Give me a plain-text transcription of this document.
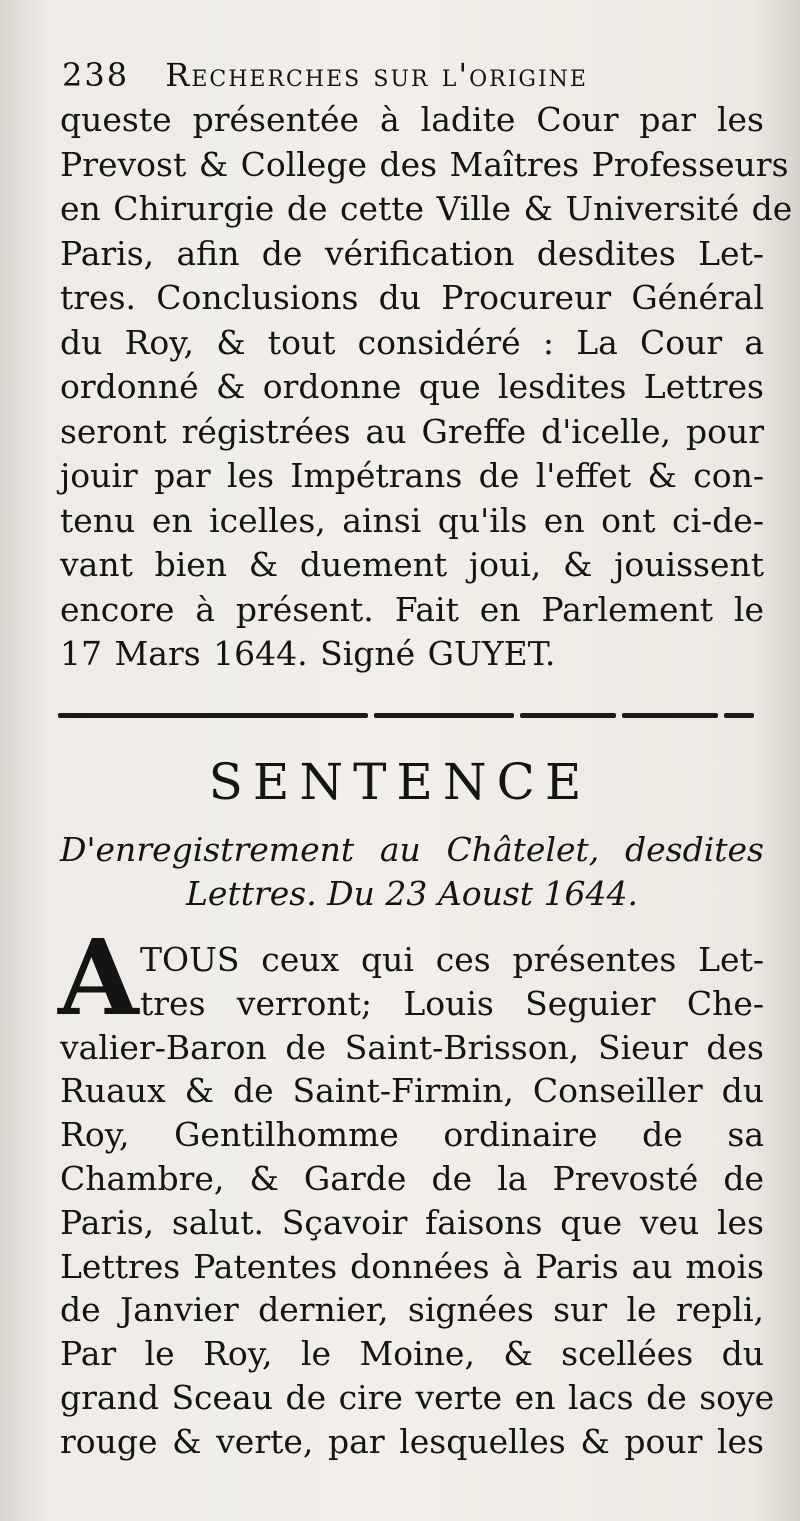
238 Recherches sur l'origine
queste présentée à ladite Cour par les
Prevost & College des Maîtres Professeurs
en Chirurgie de cette Ville & Université de
Paris, afin de vérification desdites Let-
tres. Conclusions du Procureur Général
du Roy, & tout considéré : La Cour a
ordonné & ordonne que lesdites Lettres
seront régistrées au Greffe d'icelle, pour
jouir par les Impétrans de l'effet & con-
tenu en icelles, ainsi qu'ils en ont ci-de-
vant bien & duement joui, & jouissent
encore à présent. Fait en Parlement le
17 Mars 1644. Signé GUYET.
SENTENCE
D'enregistrement au Châtelet, desdites
Lettres. Du 23 Aoust 1644.
A TOUS ceux qui ces présentes Let-
tres verront; Louis Seguier Che-
valier-Baron de Saint-Brisson, Sieur des
Ruaux & de Saint-Firmin, Conseiller du
Roy, Gentilhomme ordinaire de sa
Chambre, & Garde de la Prevosté de
Paris, salut. Sçavoir faisons que veu les
Lettres Patentes données à Paris au mois
de Janvier dernier, signées sur le repli,
Par le Roy, le Moine, & scellées du
grand Sceau de cire verte en lacs de soye
rouge & verte, par lesquelles & pour les
